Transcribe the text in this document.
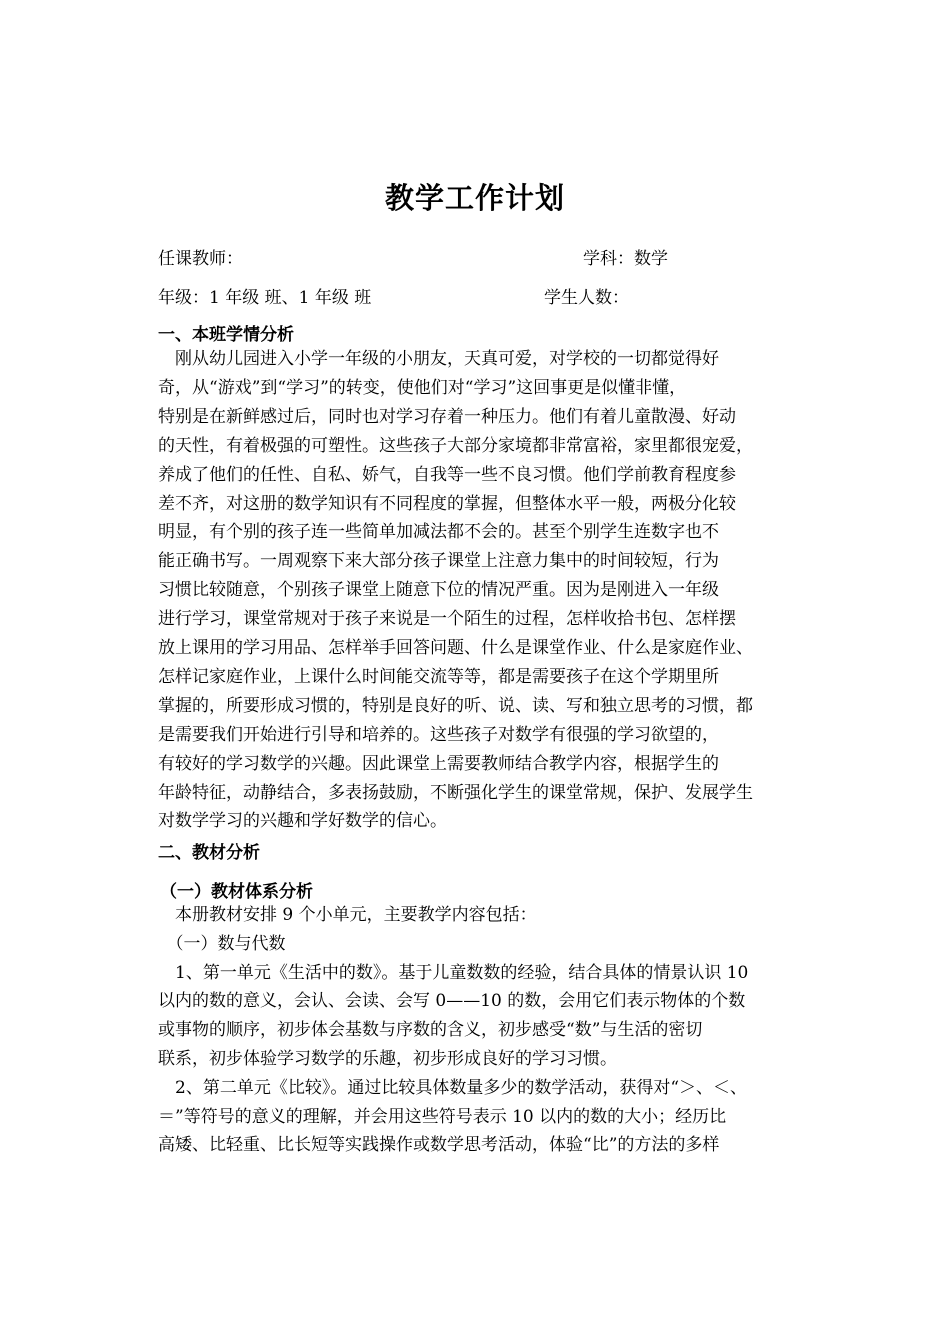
教学工作计划
任课教师：	学科：数学
年级：1 年级 班、1 年级 班	学生人数：
一、本班学情分析
　刚从幼儿园进入小学一年级的小朋友，天真可爱，对学校的一切都觉得好
奇，从“游戏”到“学习”的转变，使他们对“学习”这回事更是似懂非懂，
特别是在新鲜感过后，同时也对学习存着一种压力。他们有着儿童散漫、好动
的天性，有着极强的可塑性。这些孩子大部分家境都非常富裕，家里都很宠爱，
养成了他们的任性、自私、娇气，自我等一些不良习惯。他们学前教育程度参
差不齐，对这册的数学知识有不同程度的掌握，但整体水平一般，两极分化较
明显，有个别的孩子连一些简单加减法都不会的。甚至个别学生连数字也不
能正确书写。一周观察下来大部分孩子课堂上注意力集中的时间较短，行为
习惯比较随意，个别孩子课堂上随意下位的情况严重。因为是刚进入一年级
进行学习，课堂常规对于孩子来说是一个陌生的过程，怎样收拾书包、怎样摆
放上课用的学习用品、怎样举手回答问题、什么是课堂作业、什么是家庭作业、
怎样记家庭作业，上课什么时间能交流等等，都是需要孩子在这个学期里所
掌握的，所要形成习惯的，特别是良好的听、说、读、写和独立思考的习惯，都
是需要我们开始进行引导和培养的。这些孩子对数学有很强的学习欲望的，
有较好的学习数学的兴趣。因此课堂上需要教师结合教学内容，根据学生的
年龄特征，动静结合，多表扬鼓励，不断强化学生的课堂常规，保护、发展学生
对数学学习的兴趣和学好数学的信心。
二、教材分析
（一）教材体系分析
　本册教材安排 9 个小单元，主要教学内容包括：
　（一）数与代数
　1、第一单元《生活中的数》。基于儿童数数的经验，结合具体的情景认识 10
以内的数的意义，会认、会读、会写 0——10 的数，会用它们表示物体的个数
或事物的顺序，初步体会基数与序数的含义，初步感受“数”与生活的密切
联系，初步体验学习数学的乐趣，初步形成良好的学习习惯。
　2、第二单元《比较》。通过比较具体数量多少的数学活动，获得对“＞、＜、
＝”等符号的意义的理解，并会用这些符号表示 10 以内的数的大小；经历比
高矮、比轻重、比长短等实践操作或数学思考活动，体验“比”的方法的多样
